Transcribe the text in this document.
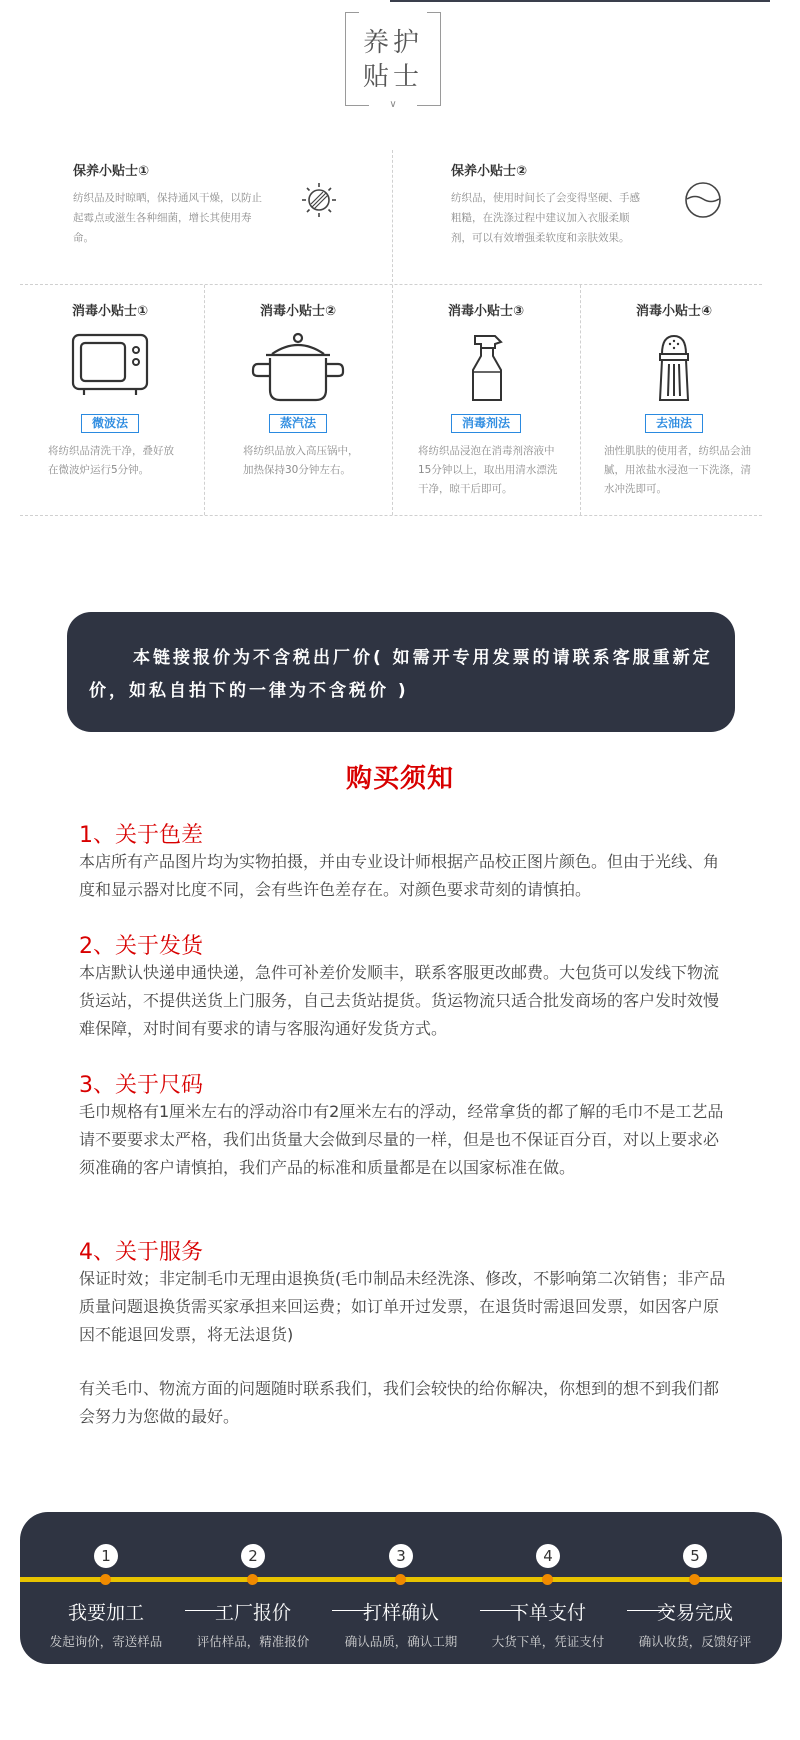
∨
养护
贴士
保养小贴士①
纺织品及时晾晒，保持通风干燥，以防止起霉点或滋生各种细菌，增长其使用寿命。
保养小贴士②
纺织品，使用时间长了会变得坚硬、手感粗糙，在洗涤过程中建议加入衣服柔顺剂，可以有效增强柔软度和亲肤效果。
消毒小贴士①
微波法
将纺织品清洗干净，叠好放在微波炉运行5分钟。
消毒小贴士②
蒸汽法
将纺织品放入高压锅中，加热保持30分钟左右。
消毒小贴士③
消毒剂法
将纺织品浸泡在消毒剂溶液中15分钟以上，取出用清水漂洗干净，晾干后即可。
消毒小贴士④
去油法
油性肌肤的使用者，纺织品会油腻，用浓盐水浸泡一下洗涤，清水冲洗即可。

本链接报价为不含税出厂价( 如需开专用发票的请联系客服重新定价，如私自拍下的一律为不含税价 )

购买须知
1、关于色差
本店所有产品图片均为实物拍摄，并由专业设计师根据产品校正图片颜色。但由于光线、角度和显示器对比度不同，会有些许色差存在。对颜色要求苛刻的请慎拍。
2、关于发货
本店默认快递申通快递，急件可补差价发顺丰，联系客服更改邮费。大包货可以发线下物流货运站，不提供送货上门服务，自己去货站提货。货运物流只适合批发商场的客户发时效慢难保障，对时间有要求的请与客服沟通好发货方式。
3、关于尺码
毛巾规格有1厘米左右的浮动浴巾有2厘米左右的浮动，经常拿货的都了解的毛巾不是工艺品请不要要求太严格，我们出货量大会做到尽量的一样，但是也不保证百分百，对以上要求必须准确的客户请慎拍，我们产品的标准和质量都是在以国家标准在做。
4、关于服务
保证时效；非定制毛巾无理由退换货(毛巾制品未经洗涤、修改，不影响第二次销售；非产品质量问题退换货需买家承担来回运费；如订单开过发票，在退货时需退回发票，如因客户原因不能退回发票，将无法退货)
有关毛巾、物流方面的问题随时联系我们，我们会较快的给你解决，你想到的想不到我们都会努力为您做的最好。
1
我要加工
发起询价，寄送样品
2
工厂报价
评估样品，精准报价
3
打样确认
确认品质，确认工期
4
下单支付
大货下单，凭证支付
5
交易完成
确认收货，反馈好评
